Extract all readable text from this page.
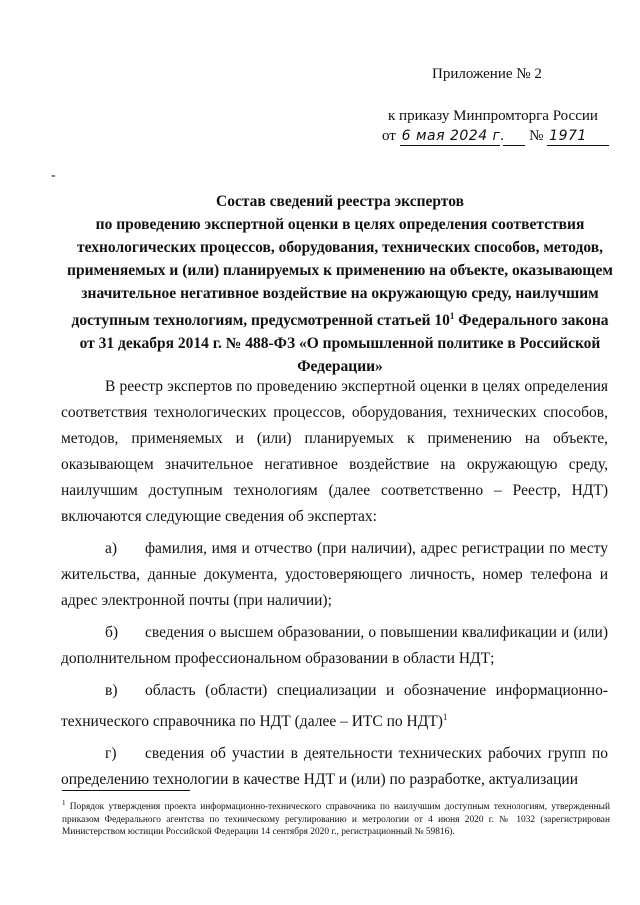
Приложение № 2
к приказу Минпромторга России
от 6 мая 2024 г. № 1971
-
Состав сведений реестра экспертов
по проведению экспертной оценки в целях определения соответствия
технологических процессов, оборудования, технических способов, методов,
применяемых и (или) планируемых к применению на объекте, оказывающем
значительное негативное воздействие на окружающую среду, наилучшим
доступным технологиям, предусмотренной статьей $10^1$ Федерального закона
от 31 декабря 2014 г. № 488-ФЗ «О промышленной политике в Российской
Федерации»

В реестр экспертов по проведению экспертной оценки в целях определения соответствия технологических процессов, оборудования, технических способов, методов, применяемых и (или) планируемых к применению на объекте, оказывающем значительное негативное воздействие на окружающую среду, наилучшим доступным технологиям (далее соответственно – Реестр, НДТ) включаются следующие сведения об экспертах:

а) фамилия, имя и отчество (при наличии), адрес регистрации по месту жительства, данные документа, удостоверяющего личность, номер телефона и адрес электронной почты (при наличии);

б) сведения о высшем образовании, о повышении квалификации и (или) дополнительном профессиональном образовании в области НДТ;

в) область (области) специализации и обозначение информационно-технического справочника по НДТ (далее – ИТС по НДТ)$^1$

г) сведения об участии в деятельности технических рабочих групп по определению технологии в качестве НДТ и (или) по разработке, актуализации

$^1$ Порядок утверждения проекта информационно-технического справочника по наилучшим доступным технологиям, утвержденный приказом Федерального агентства по техническому регулированию и метрологии от 4 июня 2020 г. № 1032 (зарегистрирован Министерством юстиции Российской Федерации 14 сентября 2020 г., регистрационный № 59816).
